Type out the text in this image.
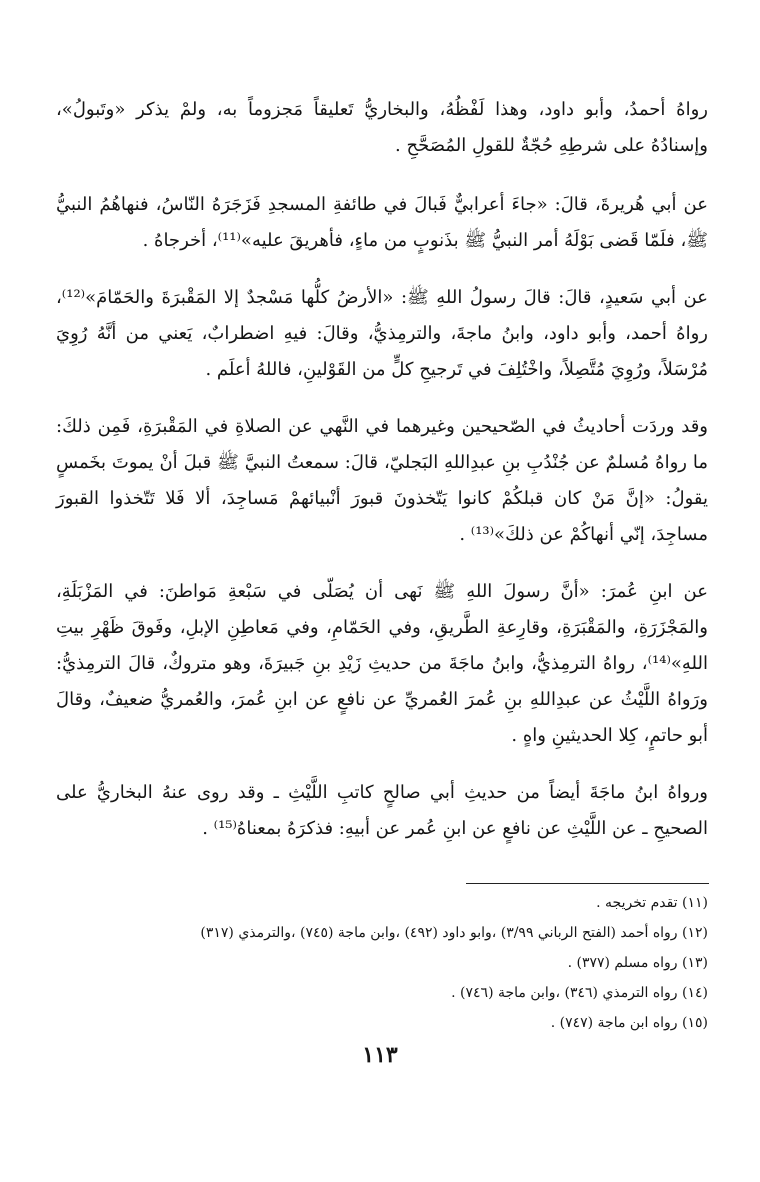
رواهُ أحمدُ، وأبو داود، وهذا لَفْظُهُ، والبخاريُّ تَعليقاً مَجزوماً به، ولمْ يذكر «وتَبولُ»، وإسنادُهُ على شرطِهِ حُجّةٌ للقولِ المُصَحَّحِ .

عن أبي هُريرةَ، قالَ: «جاءَ أعرابيٌّ فَبالَ في طائفةِ المسجدِ فَزَجَرَهُ النّاسُ، فنهاهُمُ النبيُّ ﷺ، فلَمّا قَضى بَوْلَهُ أمر النبيُّ ﷺ بذَنوبٍ من ماءٍ، فأهريقَ عليه»⁽¹¹⁾، أخرجاهُ .

عن أبي سَعيدٍ، قالَ: قالَ رسولُ اللهِ ﷺ: «الأرضُ كلُّها مَسْجدٌ إلا المَقْبرَةَ والحَمّامَ»⁽¹²⁾، رواهُ أحمد، وأبو داود، وابنُ ماجةَ، والترمِذيُّ، وقالَ: فيهِ اضطرابٌ، يَعني من أنَّهُ رُوِيَ مُرْسَلاً، ورُوِيَ مُتَّصِلاً، واخْتُلِفَ في تَرجيحِ كلٍّ من القَوْلينِ، فاللهُ أعلَم .

وقد وردَت أحاديثُ في الصّحيحين وغيرهما في النَّهي عن الصلاةِ في المَقْبرَةِ، فَمِن ذلكَ: ما رواهُ مُسلمٌ عن جُنْدُبِ بنِ عبدِاللهِ البَجليّ، قالَ: سمعتُ النبيَّ ﷺ قبلَ أنْ يموتَ بخَمسٍ يقولُ: «إنَّ مَنْ كان قبلكُمْ كانوا يَتّخذونَ قبورَ أنْبيائهمْ مَساجِدَ، ألا فَلا تَتّخذوا القبورَ مساجِدَ، إنّي أنهاكُمْ عن ذلكَ»⁽¹³⁾ .

عن ابنِ عُمرَ: «أنَّ رسولَ اللهِ ﷺ نَهى أن يُصَلّى في سَبْعةِ مَواطنَ: في المَزْبَلَةِ، والمَجْزَرَةِ، والمَقْبَرَةِ، وقارِعةِ الطَّريقِ، وفي الحَمّامِ، وفي مَعاطِنِ الإبلِ، وفَوقَ ظَهْرِ بيتِ اللهِ»⁽¹⁴⁾، رواهُ الترمِذيُّ، وابنُ ماجَةَ من حديثِ زَيْدِ بنِ جَبيرَةَ، وهو متروكٌ، قالَ الترمِذيُّ: ورَواهُ اللَّيْثُ عن عبدِاللهِ بنِ عُمرَ العُمريِّ عن نافعٍ عن ابنِ عُمرَ، والعُمريُّ ضعيفٌ، وقالَ أبو حاتمٍ، كِلا الحديثينِ واهٍ .

ورواهُ ابنُ ماجَةَ أيضاً من حديثِ أبي صالحٍ كاتبِ اللَّيْثِ ـ وقد روى عنهُ البخاريُّ على الصحيحِ ـ عن اللَّيْثِ عن نافعٍ عن ابنِ عُمر عن أبيهِ: فذكرَهُ بمعناهُ⁽¹⁵⁾ .

(١١) تقدم تخريجه .

(١٢) رواه أحمد (الفتح الرباني ٣/٩٩) ،وابو داود (٤٩٢) ،وابن ماجة (٧٤٥) ،والترمذي (٣١٧)

(١٣) رواه مسلم (٣٧٧) .

(١٤) رواه الترمذي (٣٤٦) ،وابن ماجة (٧٤٦) .

(١٥) رواه ابن ماجة (٧٤٧) .

١١٣
